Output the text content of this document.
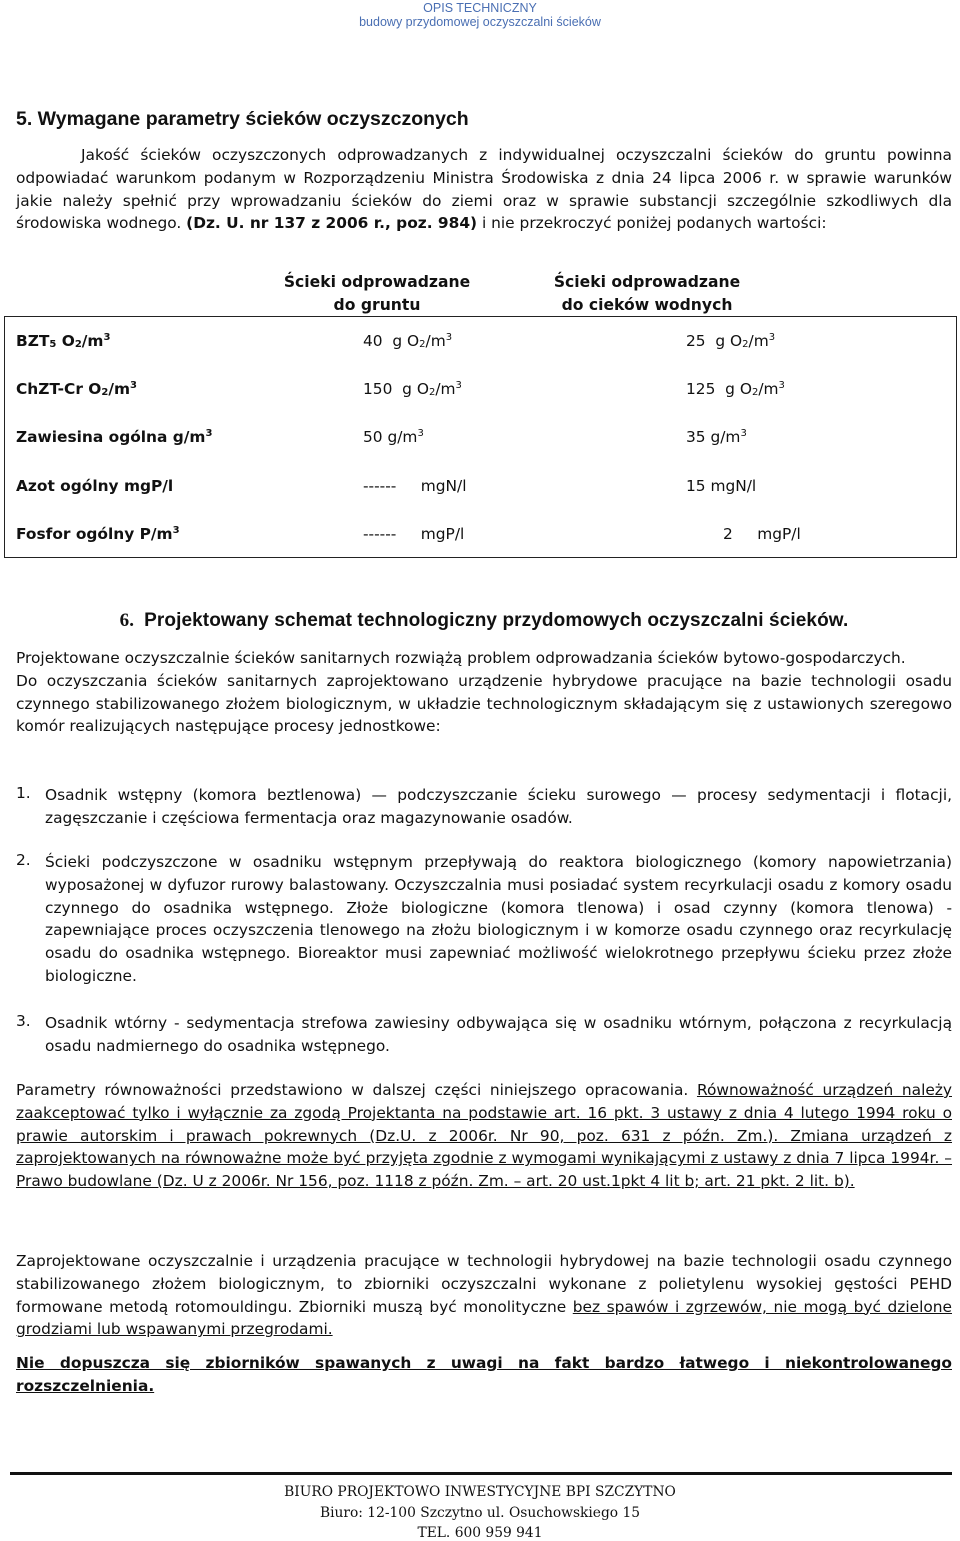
OPIS TECHNICZNY
budowy przydomowej oczyszczalni ścieków
5. Wymagane parametry ścieków oczyszczonych

Jakość ścieków oczyszczonych odprowadzanych z indywidualnej oczyszczalni ścieków do gruntu powinna odpowiadać warunkom podanym w Rozporządzeniu Ministra Środowiska z dnia 24 lipca 2006 r. w sprawie warunków jakie należy spełnić przy wprowadzaniu ścieków do ziemi oraz w sprawie substancji szczególnie szkodliwych dla środowiska wodnego. (Dz. U. nr 137 z 2006 r., poz. 984) i nie przekroczyć poniżej podanych wartości:

Ścieki odprowadzane
do gruntu
Ścieki odprowadzane
do cieków wodnych
$BZT_5$ $O_2/m^3$	40  g $O_2/m^3$	25  g $O_2/m^3$
ChZT-Cr $O_2/m^3$	150  g $O_2/m^3$	125  g $O_2/m^3$
Zawiesina ogólna $g/m^3$	50 $g/m^3$	35 $g/m^3$
Azot ogólny mgP/l	------     mgN/l	15 mgN/l
Fosfor ogólny $P/m^3$	------     mgP/l	2     mgP/l
6. Projektowany schemat technologiczny przydomowych oczyszczalni ścieków.
Projektowane oczyszczalnie ścieków sanitarnych rozwiążą problem odprowadzania ścieków bytowo-gospodarczych.
Do oczyszczania ścieków sanitarnych zaprojektowano urządzenie hybrydowe pracujące na bazie technologii osadu czynnego stabilizowanego złożem biologicznym, w układzie technologicznym składającym się z ustawionych szeregowo komór realizujących następujące procesy jednostkowe:
1. Osadnik wstępny (komora beztlenowa) — podczyszczanie ścieku surowego — procesy sedymentacji i flotacji, zagęszczanie i częściowa fermentacja oraz magazynowanie osadów.
2. Ścieki podczyszczone w osadniku wstępnym przepływają do reaktora biologicznego (komory napowietrzania) wyposażonej w dyfuzor rurowy balastowany. Oczyszczalnia musi posiadać system recyrkulacji osadu z komory osadu czynnego do osadnika wstępnego. Złoże biologiczne (komora tlenowa) i osad czynny (komora tlenowa) - zapewniające proces oczyszczenia tlenowego na złożu biologicznym i w komorze osadu czynnego oraz recyrkulację osadu do osadnika wstępnego. Bioreaktor musi zapewniać możliwość wielokrotnego przepływu ścieku przez złoże biologiczne.
3. Osadnik wtórny - sedymentacja strefowa zawiesiny odbywająca się w osadniku wtórnym, połączona z recyrkulacją osadu nadmiernego do osadnika wstępnego.

Parametry równoważności przedstawiono w dalszej części niniejszego opracowania. Równoważność urządzeń należy zaakceptować tylko i wyłącznie za zgodą Projektanta na podstawie art. 16 pkt. 3 ustawy z dnia 4 lutego 1994 roku o prawie autorskim i prawach pokrewnych (Dz.U. z 2006r. Nr 90, poz. 631 z późn. Zm.). Zmiana urządzeń z zaprojektowanych na równoważne może być przyjęta zgodnie z wymogami wynikającymi z ustawy z dnia 7 lipca 1994r. – Prawo budowlane (Dz. U z 2006r. Nr 156, poz. 1118 z późn. Zm. – art. 20 ust.1pkt 4 lit b; art. 21 pkt. 2 lit. b).

Zaprojektowane oczyszczalnie i urządzenia pracujące w technologii hybrydowej na bazie technologii osadu czynnego stabilizowanego złożem biologicznym, to zbiorniki oczyszczalni wykonane z polietylenu wysokiej gęstości PEHD formowane metodą rotomouldingu. Zbiorniki muszą być monolityczne bez spawów i zgrzewów, nie mogą być dzielone grodziami lub wspawanymi przegrodami.

Nie dopuszcza się zbiorników spawanych z uwagi na fakt bardzo łatwego i niekontrolowanego rozszczelnienia.

BIURO PROJEKTOWO INWESTYCYJNE BPI SZCZYTNO
Biuro: 12-100 Szczytno ul. Osuchowskiego 15
TEL. 600 959 941
